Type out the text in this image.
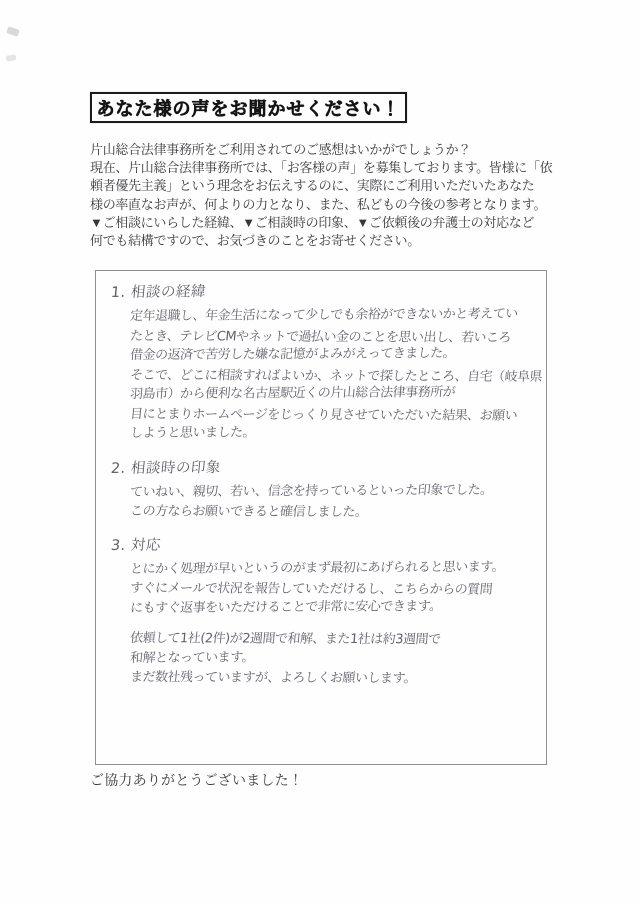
あなた様の声をお聞かせください！
片山総合法律事務所をご利用されてのご感想はいかがでしょうか？
現在、片山総合法律事務所では、「お客様の声」を募集しております。皆様に「依
頼者優先主義」という理念をお伝えするのに、実際にご利用いただいたあなた
様の率直なお声が、何よりの力となり、また、私どもの今後の参考となります。
▼ご相談にいらした経緯、▼ご相談時の印象、▼ご依頼後の弁護士の対応など
何でも結構ですので、お気づきのことをお寄せください。
1. 相談の経緯
定年退職し、年金生活になって少しでも余裕ができないかと考えてい
たとき、テレビCMやネットで過払い金のことを思い出し、若いころ
借金の返済で苦労した嫌な記憶がよみがえってきました。
そこで、どこに相談すればよいか、ネットで探したところ、自宅（岐阜県
羽島市）から便利な名古屋駅近くの片山総合法律事務所が
目にとまりホームページをじっくり見させていただいた結果、お願い
しようと思いました。
2. 相談時の印象
ていねい、親切、若い、信念を持っているといった印象でした。
この方ならお願いできると確信しました。
3. 対応
とにかく処理が早いというのがまず最初にあげられると思います。
すぐにメールで状況を報告していただけるし、こちらからの質問
にもすぐ返事をいただけることで非常に安心できます。
依頼して1社(2件)が2週間で和解、また1社は約3週間で
和解となっています。
まだ数社残っていますが、よろしくお願いします。
ご協力ありがとうございました！
